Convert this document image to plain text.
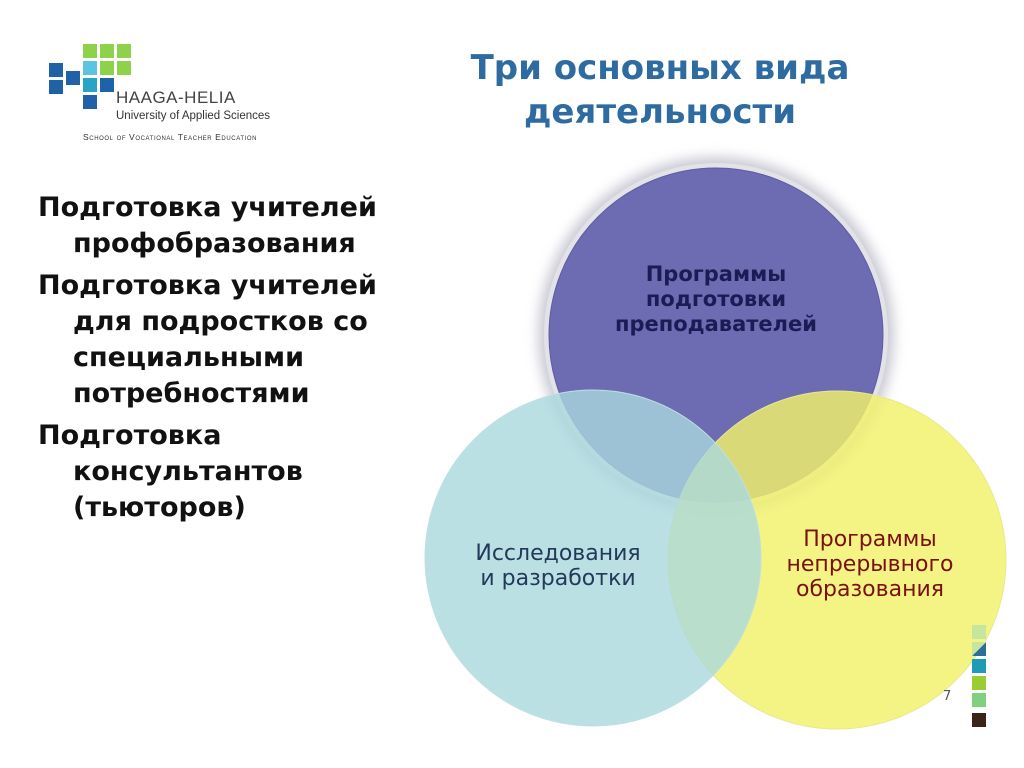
HAAGA-HELIA
University of Applied Sciences
School of Vocational Teacher Education
Три основных вида
деятельности
Подготовка учителей профобразования
Подготовка учителей для подростков со специальными потребностями
Подготовка консультантов (тьюторов)
Программы
подготовки
преподавателей
Исследования
и разработки
Программы
непрерывного
образования
7
